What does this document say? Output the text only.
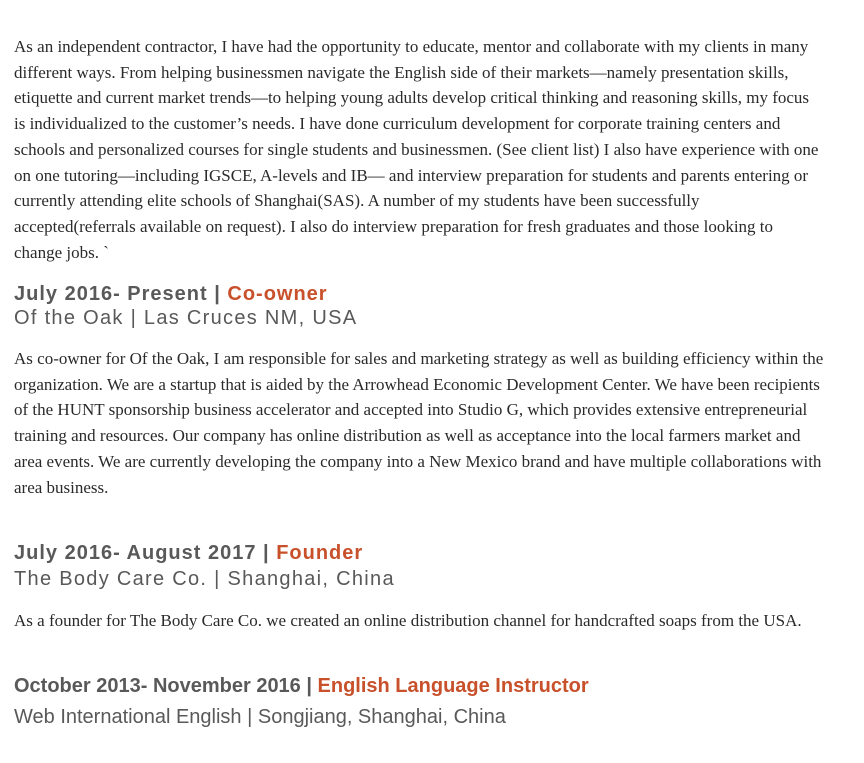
As an independent contractor, I have had the opportunity to educate, mentor and collaborate with my clients in many different ways. From helping businessmen navigate the English side of their markets—namely presentation skills, etiquette and current market trends—to helping young adults develop critical thinking and reasoning skills, my focus is individualized to the customer’s needs. I have done curriculum development for corporate training centers and schools and personalized courses for single students and businessmen. (See client list) I also have experience with one on one tutoring—including IGSCE, A-levels and IB— and interview preparation for students and parents entering or currently attending elite schools of Shanghai(SAS). A number of my students have been successfully accepted(referrals available on request). I also do interview preparation for fresh graduates and those looking to change jobs. `

July 2016- Present | Co-owner
Of the Oak | Las Cruces NM, USA

As co-owner for Of the Oak, I am responsible for sales and marketing strategy as well as building efficiency within the organization. We are a startup that is aided by the Arrowhead Economic Development Center. We have been recipients of the HUNT sponsorship business accelerator and accepted into Studio G, which provides extensive entrepreneurial training and resources. Our company has online distribution as well as acceptance into the local farmers market and area events. We are currently developing the company into a New Mexico brand and have multiple collaborations with area business.

July 2016- August 2017 | Founder
The Body Care Co. | Shanghai, China

As a founder for The Body Care Co. we created an online distribution channel for handcrafted soaps from the USA.

October 2013- November 2016 | English Language Instructor
Web International English | Songjiang, Shanghai, China
